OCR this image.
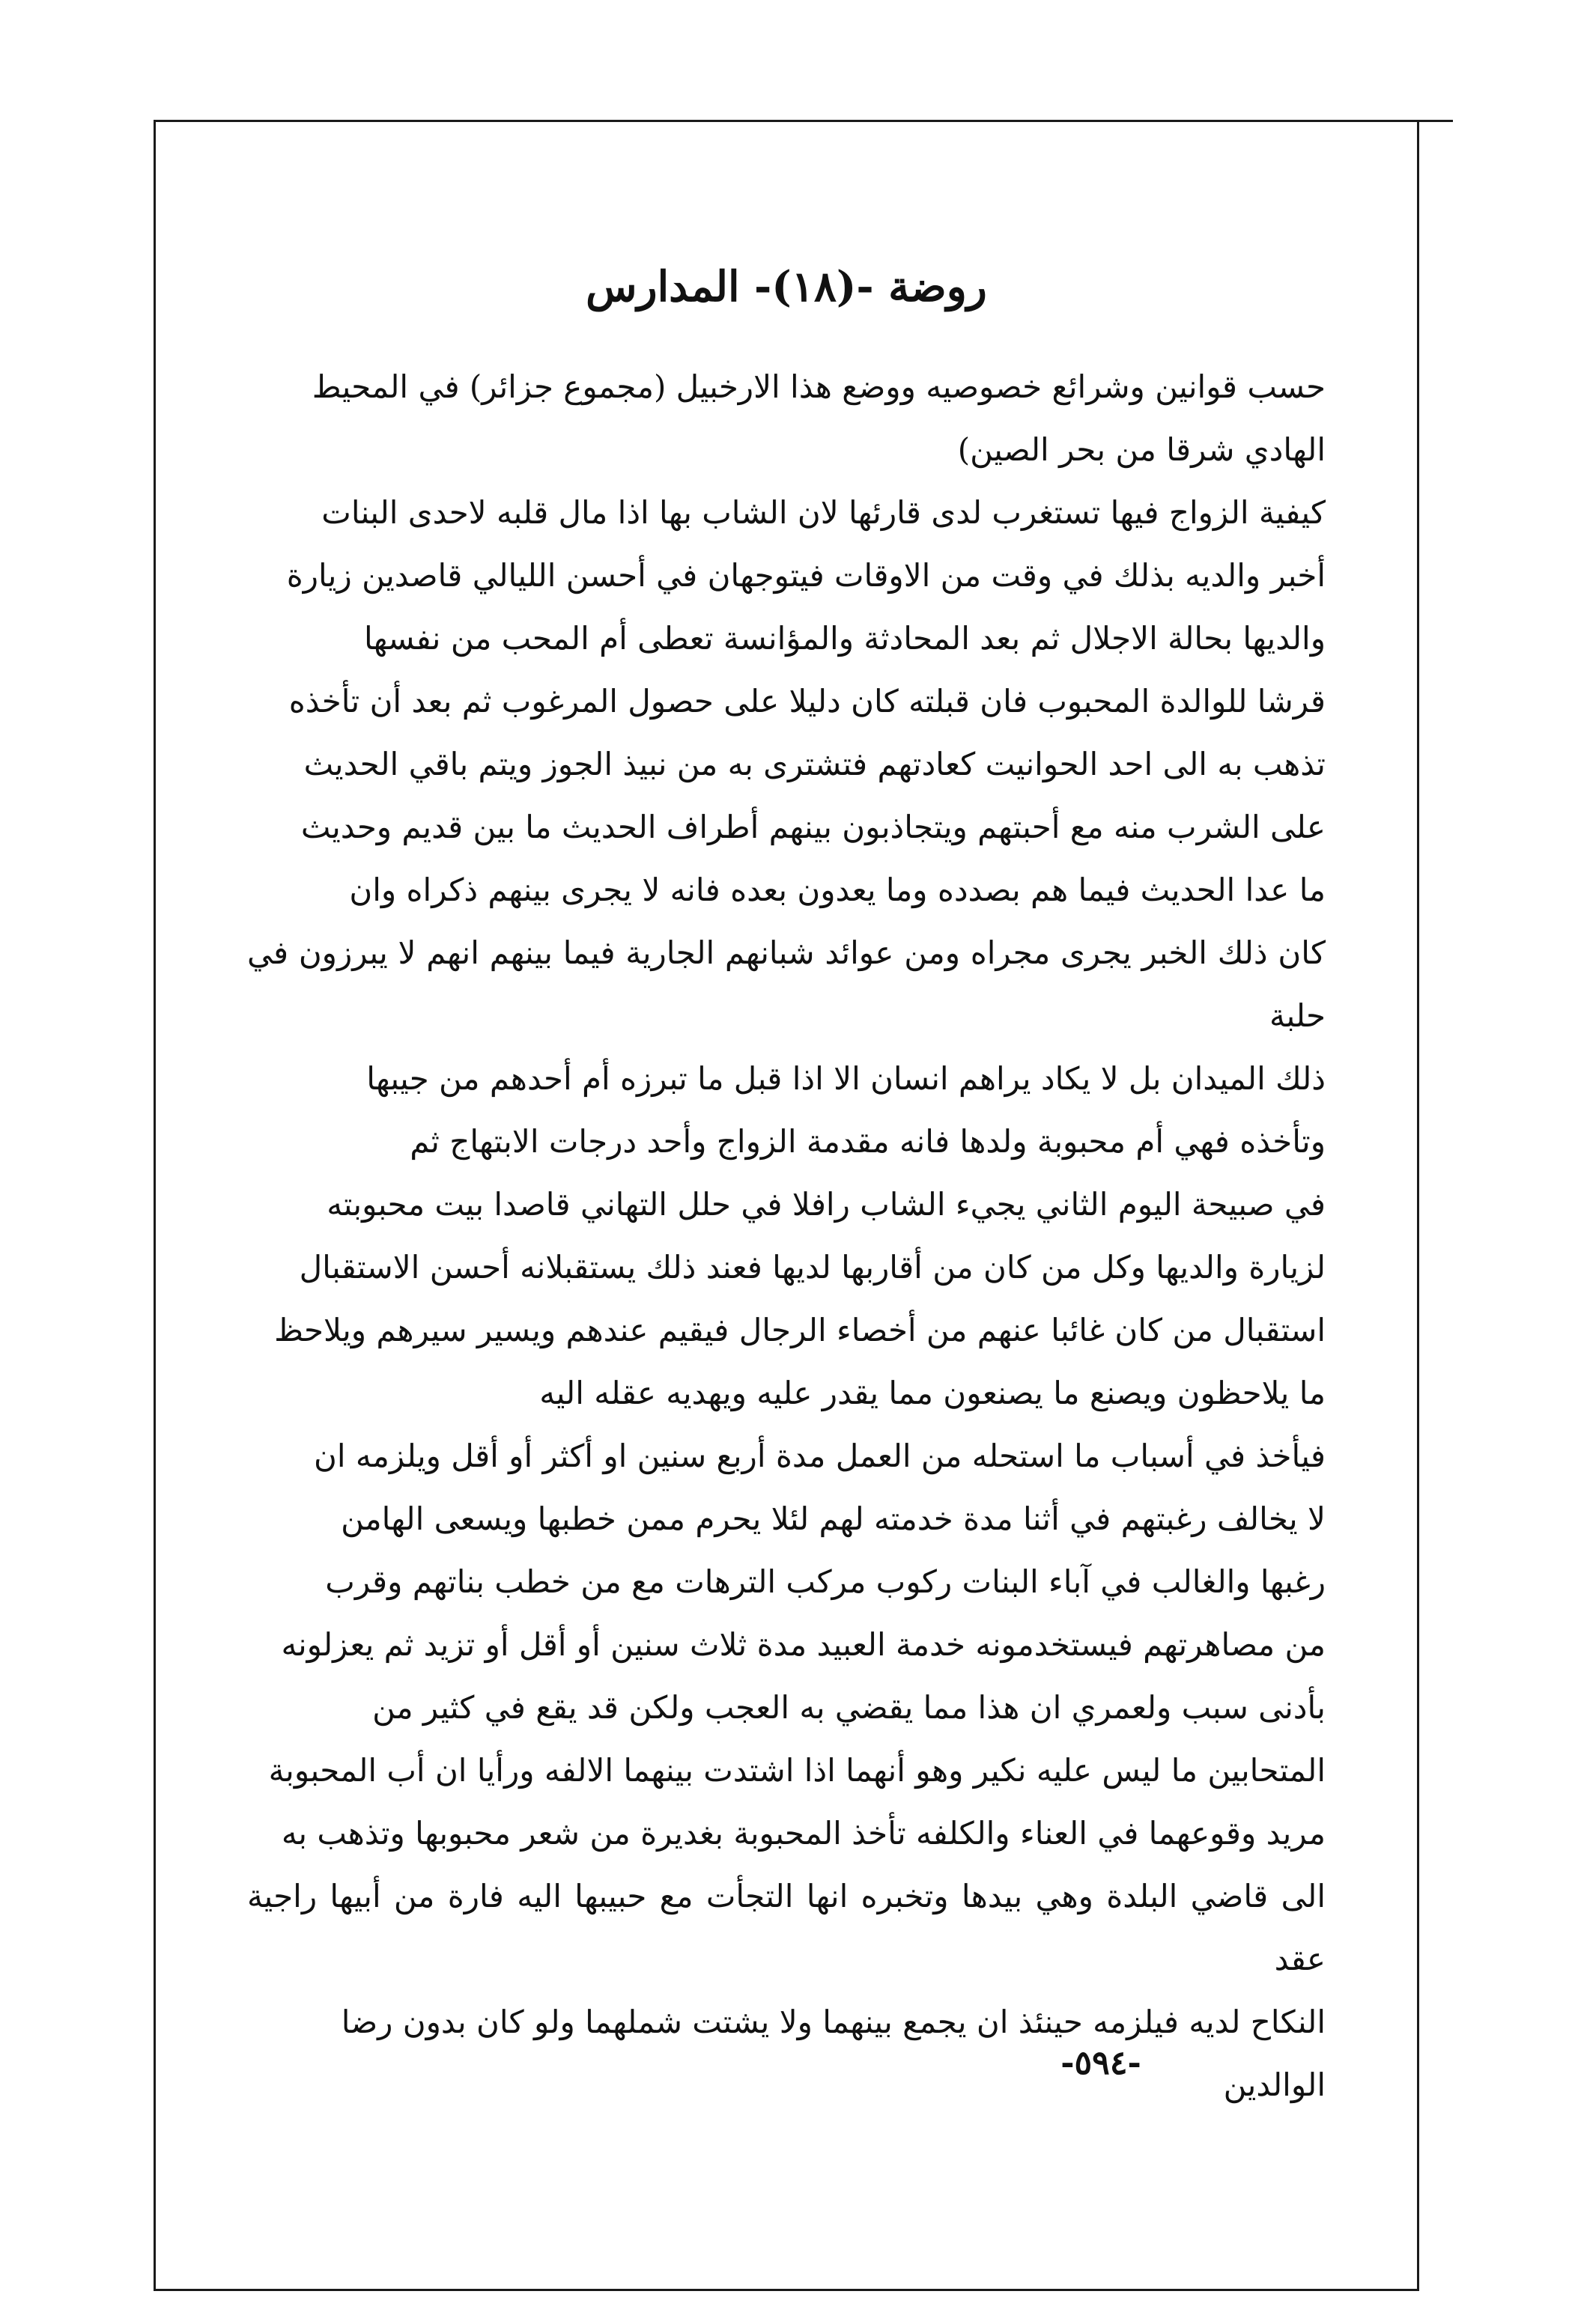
روضة -(١٨)- المدارس

حسب قوانين وشرائع خصوصيه ووضع هذا الارخبيل (مجموع جزائر) في المحيط
الهادي شرقا من بحر الصين)

كيفية الزواج فيها تستغرب لدى قارئها لان الشاب بها اذا مال قلبه لاحدى البنات
أخبر والديه بذلك في وقت من الاوقات فيتوجهان في أحسن الليالي قاصدين زيارة
والديها بحالة الاجلال ثم بعد المحادثة والمؤانسة تعطى أم المحب من نفسها
قرشا للوالدة المحبوب فان قبلته كان دليلا على حصول المرغوب ثم بعد أن تأخذه
تذهب به الى احد الحوانيت كعادتهم فتشترى به من نبيذ الجوز ويتم باقي الحديث
على الشرب منه مع أحبتهم ويتجاذبون بينهم أطراف الحديث ما بين قديم وحديث
ما عدا الحديث فيما هم بصدده وما يعدون بعده فانه لا يجرى بينهم ذكراه وان
كان ذلك الخبر يجرى مجراه ومن عوائد شبانهم الجارية فيما بينهم انهم لا يبرزون في حلبة
ذلك الميدان بل لا يكاد يراهم انسان الا اذا قبل ما تبرزه أم أحدهم من جيبها
وتأخذه فهي أم محبوبة ولدها فانه مقدمة الزواج وأحد درجات الابتهاج ثم
في صبيحة اليوم الثاني يجيء الشاب رافلا في حلل التهاني قاصدا بيت محبوبته
لزيارة والديها وكل من كان من أقاربها لديها فعند ذلك يستقبلانه أحسن الاستقبال
استقبال من كان غائبا عنهم من أخصاء الرجال فيقيم عندهم ويسير سيرهم ويلاحظ
ما يلاحظون ويصنع ما يصنعون مما يقدر عليه ويهديه عقله اليه

فيأخذ في أسباب ما استحله من العمل مدة أربع سنين او أكثر أو أقل ويلزمه ان
لا يخالف رغبتهم في أثنا مدة خدمته لهم لئلا يحرم ممن خطبها ويسعى الهامن
رغبها والغالب في آباء البنات ركوب مركب الترهات مع من خطب بناتهم وقرب
من مصاهرتهم فيستخدمونه خدمة العبيد مدة ثلاث سنين أو أقل أو تزيد ثم يعزلونه
بأدنى سبب ولعمري ان هذا مما يقضي به العجب ولكن قد يقع في كثير من
المتحابين ما ليس عليه نكير وهو أنهما اذا اشتدت بينهما الالفه ورأيا ان أب المحبوبة
مريد وقوعهما في العناء والكلفه تأخذ المحبوبة بغديرة من شعر محبوبها وتذهب به
الى قاضي البلدة وهي بيدها وتخبره انها التجأت مع حبيبها اليه فارة من أبيها راجية عقد
النكاح لديه فيلزمه حينئذ ان يجمع بينهما ولا يشتت شملهما ولو كان بدون رضا
الوالدين

-٥٩٤-
